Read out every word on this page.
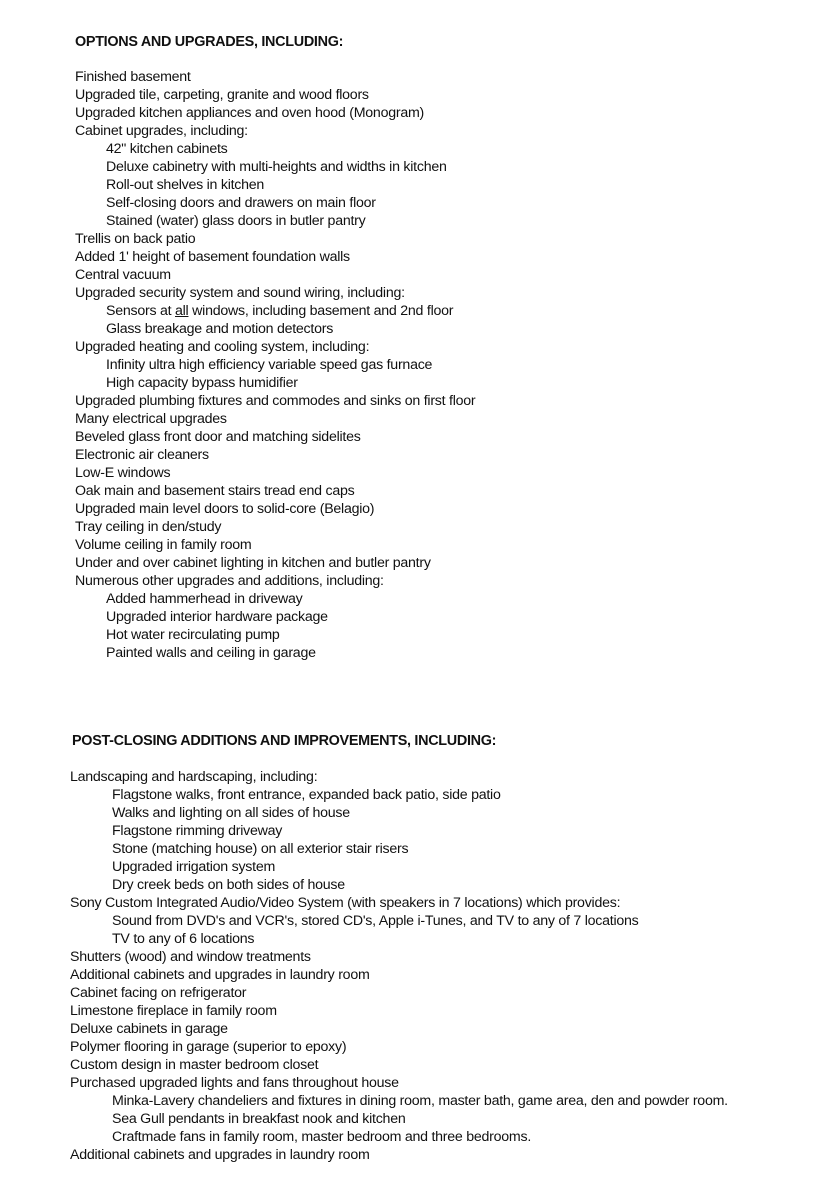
OPTIONS AND UPGRADES, INCLUDING:
Finished basement
Upgraded tile, carpeting, granite and wood floors
Upgraded kitchen appliances and oven hood (Monogram)
Cabinet upgrades, including:
42" kitchen cabinets
Deluxe cabinetry with multi-heights and widths in kitchen
Roll-out shelves in kitchen
Self-closing doors and drawers on main floor
Stained (water) glass doors in butler pantry
Trellis on back patio
Added 1' height of basement foundation walls
Central vacuum
Upgraded security system and sound wiring, including:
Sensors at all windows, including basement and 2nd floor
Glass breakage and motion detectors
Upgraded heating and cooling system, including:
Infinity ultra high efficiency variable speed gas furnace
High capacity bypass humidifier
Upgraded plumbing fixtures and commodes and sinks on first floor
Many electrical upgrades
Beveled glass front door and matching sidelites
Electronic air cleaners
Low-E windows
Oak main and basement stairs tread end caps
Upgraded main level doors to solid-core (Belagio)
Tray ceiling in den/study
Volume ceiling in family room
Under and over cabinet lighting in kitchen and butler pantry
Numerous other upgrades and additions, including:
Added hammerhead in driveway
Upgraded interior hardware package
Hot water recirculating pump
Painted walls and ceiling in garage
POST-CLOSING ADDITIONS AND IMPROVEMENTS, INCLUDING:
Landscaping and hardscaping, including:
Flagstone walks, front entrance, expanded back patio, side patio
Walks and lighting on all sides of house
Flagstone rimming driveway
Stone (matching house) on all exterior stair risers
Upgraded irrigation system
Dry creek beds on both sides of house
Sony Custom Integrated Audio/Video System (with speakers in 7 locations) which provides:
Sound from DVD's and VCR's, stored CD's, Apple i-Tunes, and TV to any of 7 locations
TV to any of 6 locations
Shutters (wood) and window treatments
Additional cabinets and upgrades in laundry room
Cabinet facing on refrigerator
Limestone fireplace in family room
Deluxe cabinets in garage
Polymer flooring in garage (superior to epoxy)
Custom design in master bedroom closet
Purchased upgraded lights and fans throughout house
Minka-Lavery chandeliers and fixtures in dining room, master bath, game area, den and powder room.
Sea Gull pendants in breakfast nook and kitchen
Craftmade fans in family room, master bedroom and three bedrooms.
Additional cabinets and upgrades in laundry room
